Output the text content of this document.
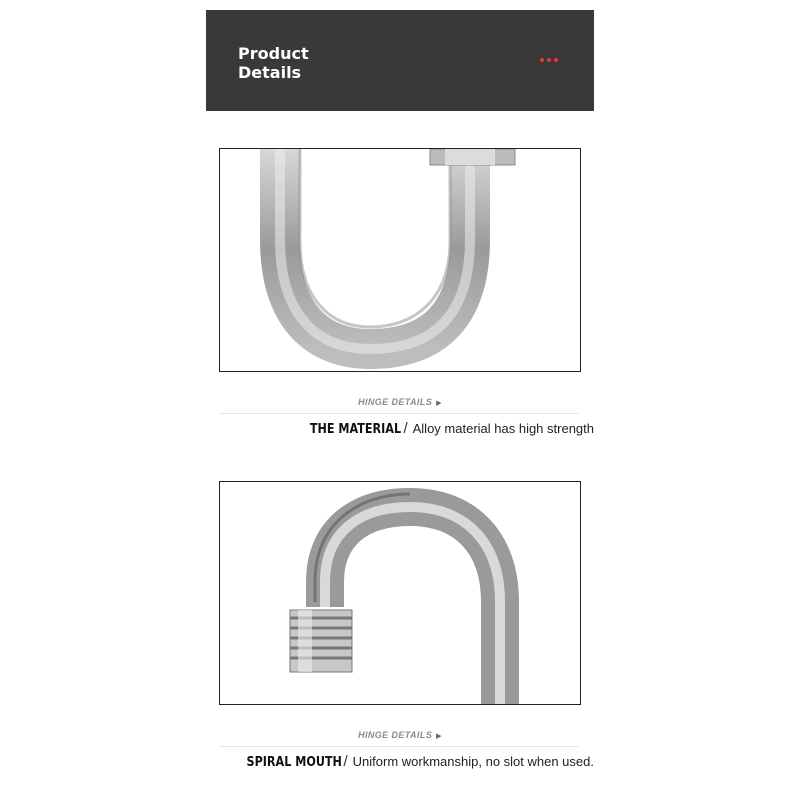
Product Details
HINGE DETAILS ▶
THE MATERIAL / Alloy material has high strength
HINGE DETAILS ▶
SPIRAL MOUTH / Uniform workmanship, no slot when used.
